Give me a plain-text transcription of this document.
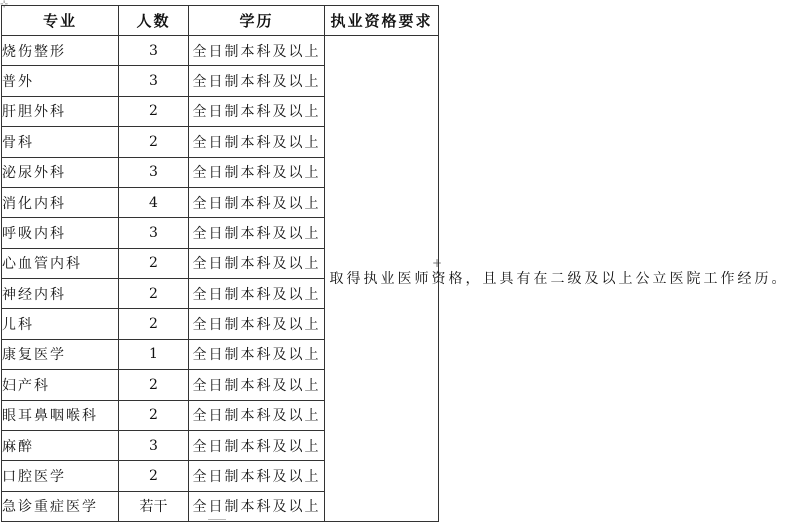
⊹
+
专业	人数	学历	执业资格要求
烧伤整形	3	全日制本科及以上	取得执业医师资格，且具有在二级及以上公立医院工作经历。

普外	3	全日制本科及以上	
肝胆外科	2	全日制本科及以上	
骨科	2	全日制本科及以上	
泌尿外科	3	全日制本科及以上	
消化内科	4	全日制本科及以上	
呼吸内科	3	全日制本科及以上	
心血管内科	2	全日制本科及以上	
神经内科	2	全日制本科及以上	
儿科	2	全日制本科及以上	
康复医学	1	全日制本科及以上	
妇产科	2	全日制本科及以上	
眼耳鼻咽喉科	2	全日制本科及以上	
麻醉	3	全日制本科及以上	
口腔医学	2	全日制本科及以上	
急诊重症医学	若干	全日制本科及以上	
